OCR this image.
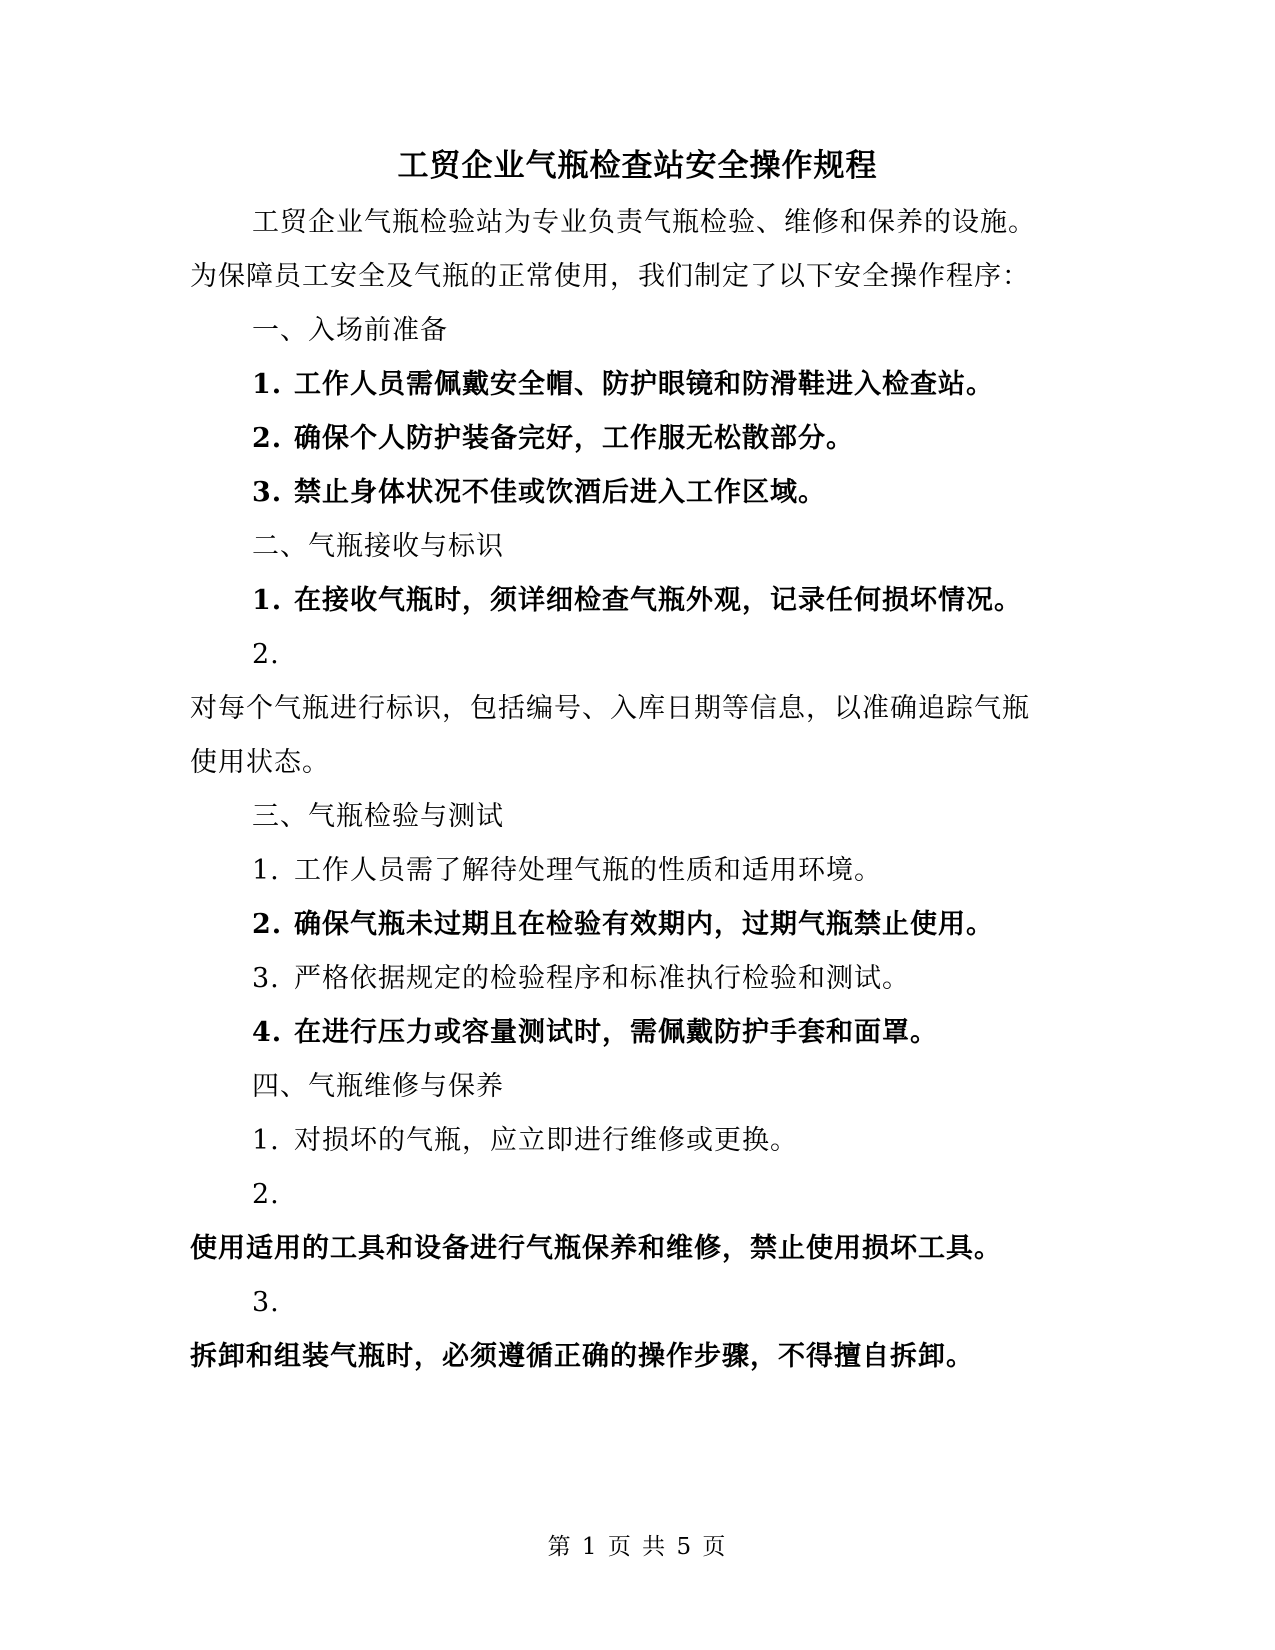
工贸企业气瓶检查站安全操作规程

工贸企业气瓶检验站为专业负责气瓶检验、维修和保养的设施。

为保障员工安全及气瓶的正常使用，我们制定了以下安全操作程序：

一、入场前准备

1. 工作人员需佩戴安全帽、防护眼镜和防滑鞋进入检查站。

2. 确保个人防护装备完好，工作服无松散部分。

3. 禁止身体状况不佳或饮酒后进入工作区域。

二、气瓶接收与标识

1. 在接收气瓶时，须详细检查气瓶外观，记录任何损坏情况。

2.

对每个气瓶进行标识，包括编号、入库日期等信息，以准确追踪气瓶

使用状态。

三、气瓶检验与测试

1. 工作人员需了解待处理气瓶的性质和适用环境。

2. 确保气瓶未过期且在检验有效期内，过期气瓶禁止使用。

3. 严格依据规定的检验程序和标准执行检验和测试。

4. 在进行压力或容量测试时，需佩戴防护手套和面罩。

四、气瓶维修与保养

1. 对损坏的气瓶，应立即进行维修或更换。

2.

使用适用的工具和设备进行气瓶保养和维修，禁止使用损坏工具。

3.

拆卸和组装气瓶时，必须遵循正确的操作步骤，不得擅自拆卸。

第 1 页 共 5 页
